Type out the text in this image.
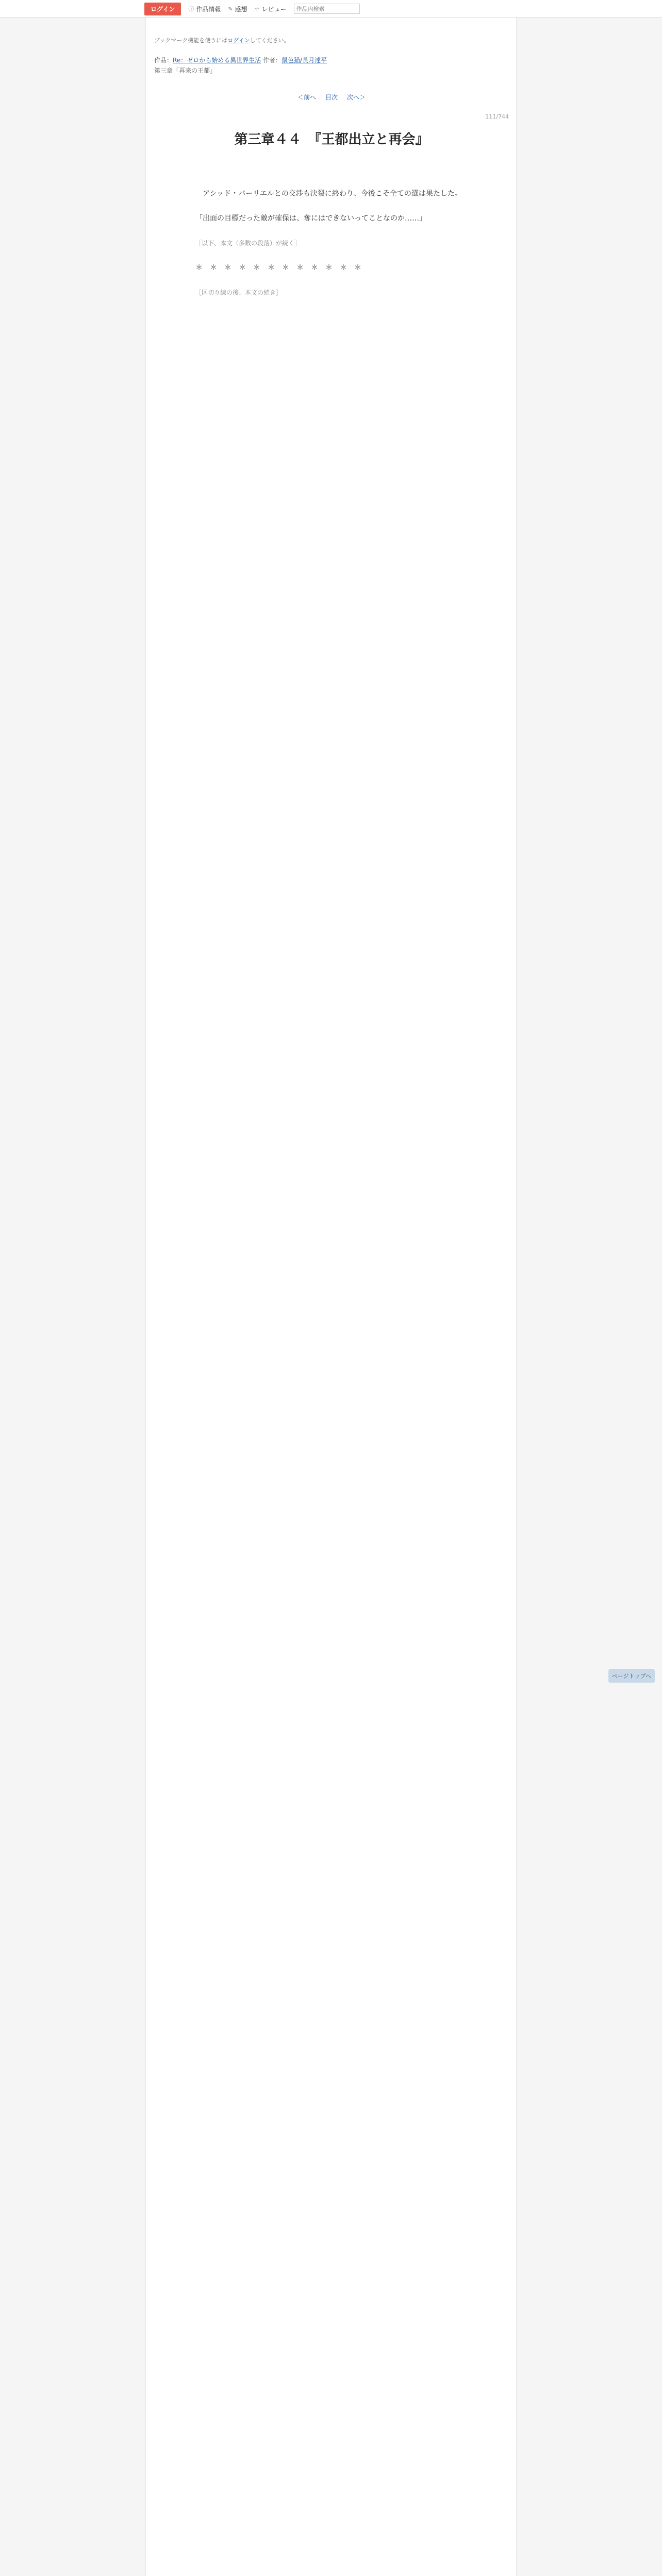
ログイン	ⓘ 作品情報 ✎ 感想 ☆ レビュー
作品内検索
ブックマーク機能を使うにはログインしてください。
作品：Re：ゼロから始める異世界生活 作者：鼠色猫/長月達平
第三章「再来の王都」
＜前へ 目次 次へ＞
111/744
第三章４４　『王都出立と再会』

　アシッド・バーリエルとの交渉も決裂に終わり、今後こそ全ての選は果たした。

「出面の目標だった敵が確保は、奪にはできないってことなのか……」

［以下、本文（多数の段落）が続く］

＊　＊　＊　＊　＊　＊　＊　＊　＊　＊　＊　＊

［区切り線の後、本文の続き］

ページトップへ
